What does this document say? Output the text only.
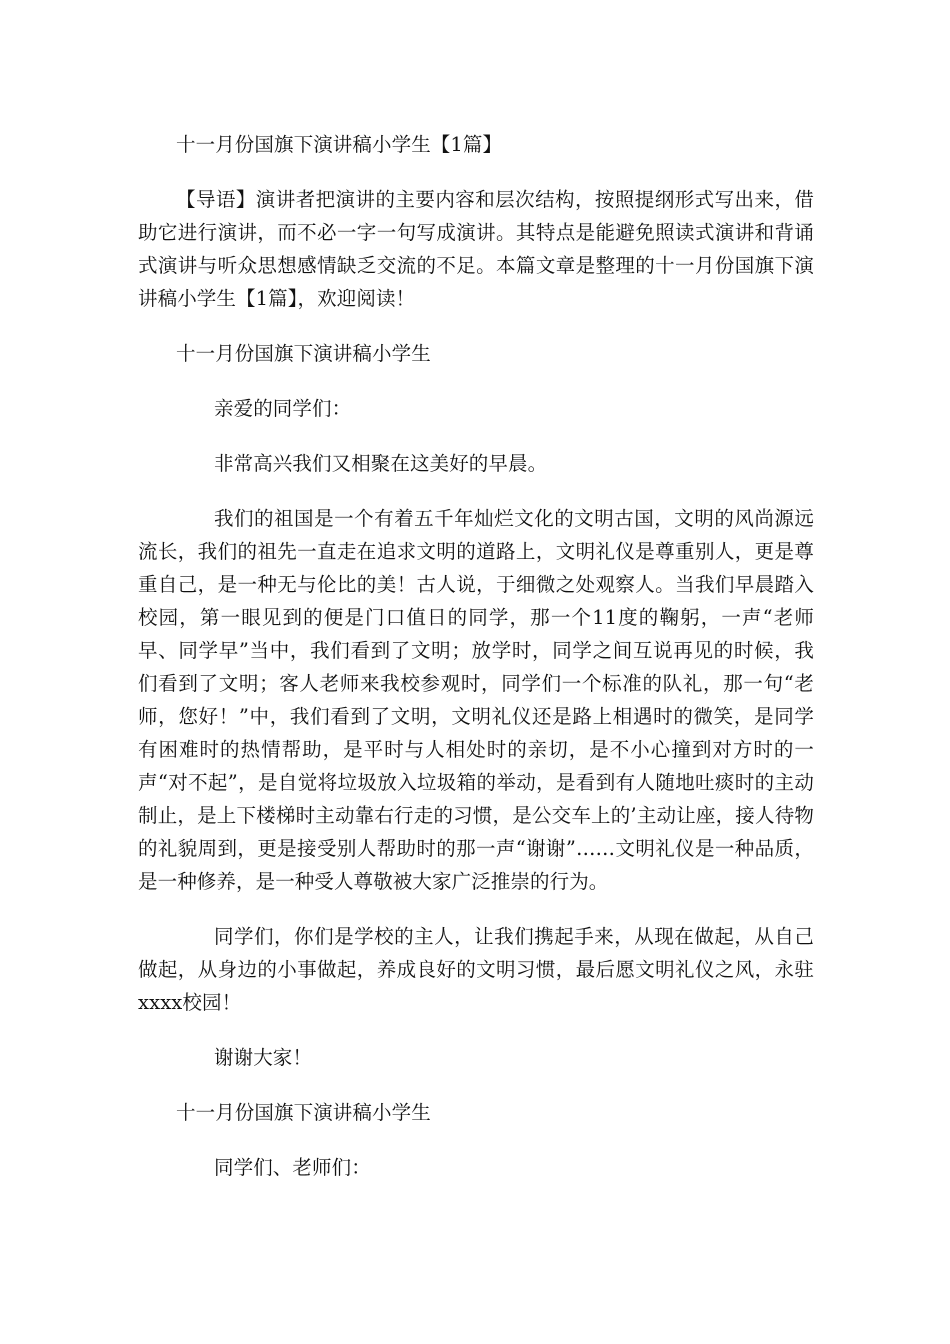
十一月份国旗下演讲稿小学生【1篇】

【导语】演讲者把演讲的主要内容和层次结构，按照提纲形式写出来，借助它进行演讲，而不必一字一句写成演讲。其特点是能避免照读式演讲和背诵式演讲与听众思想感情缺乏交流的不足。本篇文章是整理的十一月份国旗下演讲稿小学生【1篇】，欢迎阅读！

十一月份国旗下演讲稿小学生

亲爱的同学们：

非常高兴我们又相聚在这美好的早晨。

我们的祖国是一个有着五千年灿烂文化的文明古国，文明的风尚源远流长，我们的祖先一直走在追求文明的道路上，文明礼仪是尊重别人，更是尊重自己，是一种无与伦比的美！古人说，于细微之处观察人。当我们早晨踏入校园，第一眼见到的便是门口值日的同学，那一个11度的鞠躬，一声“老师早、同学早”当中，我们看到了文明；放学时，同学之间互说再见的时候，我们看到了文明；客人老师来我校参观时，同学们一个标准的队礼，那一句“老师，您好！”中，我们看到了文明，文明礼仪还是路上相遇时的微笑，是同学有困难时的热情帮助，是平时与人相处时的亲切，是不小心撞到对方时的一声“对不起”，是自觉将垃圾放入垃圾箱的举动，是看到有人随地吐痰时的主动制止，是上下楼梯时主动靠右行走的习惯，是公交车上的’主动让座，接人待物的礼貌周到，更是接受别人帮助时的那一声“谢谢”……文明礼仪是一种品质，是一种修养，是一种受人尊敬被大家广泛推崇的行为。

同学们，你们是学校的主人，让我们携起手来，从现在做起，从自己做起，从身边的小事做起，养成良好的文明习惯，最后愿文明礼仪之风，永驻xxxx校园！

谢谢大家！

十一月份国旗下演讲稿小学生

同学们、老师们：
